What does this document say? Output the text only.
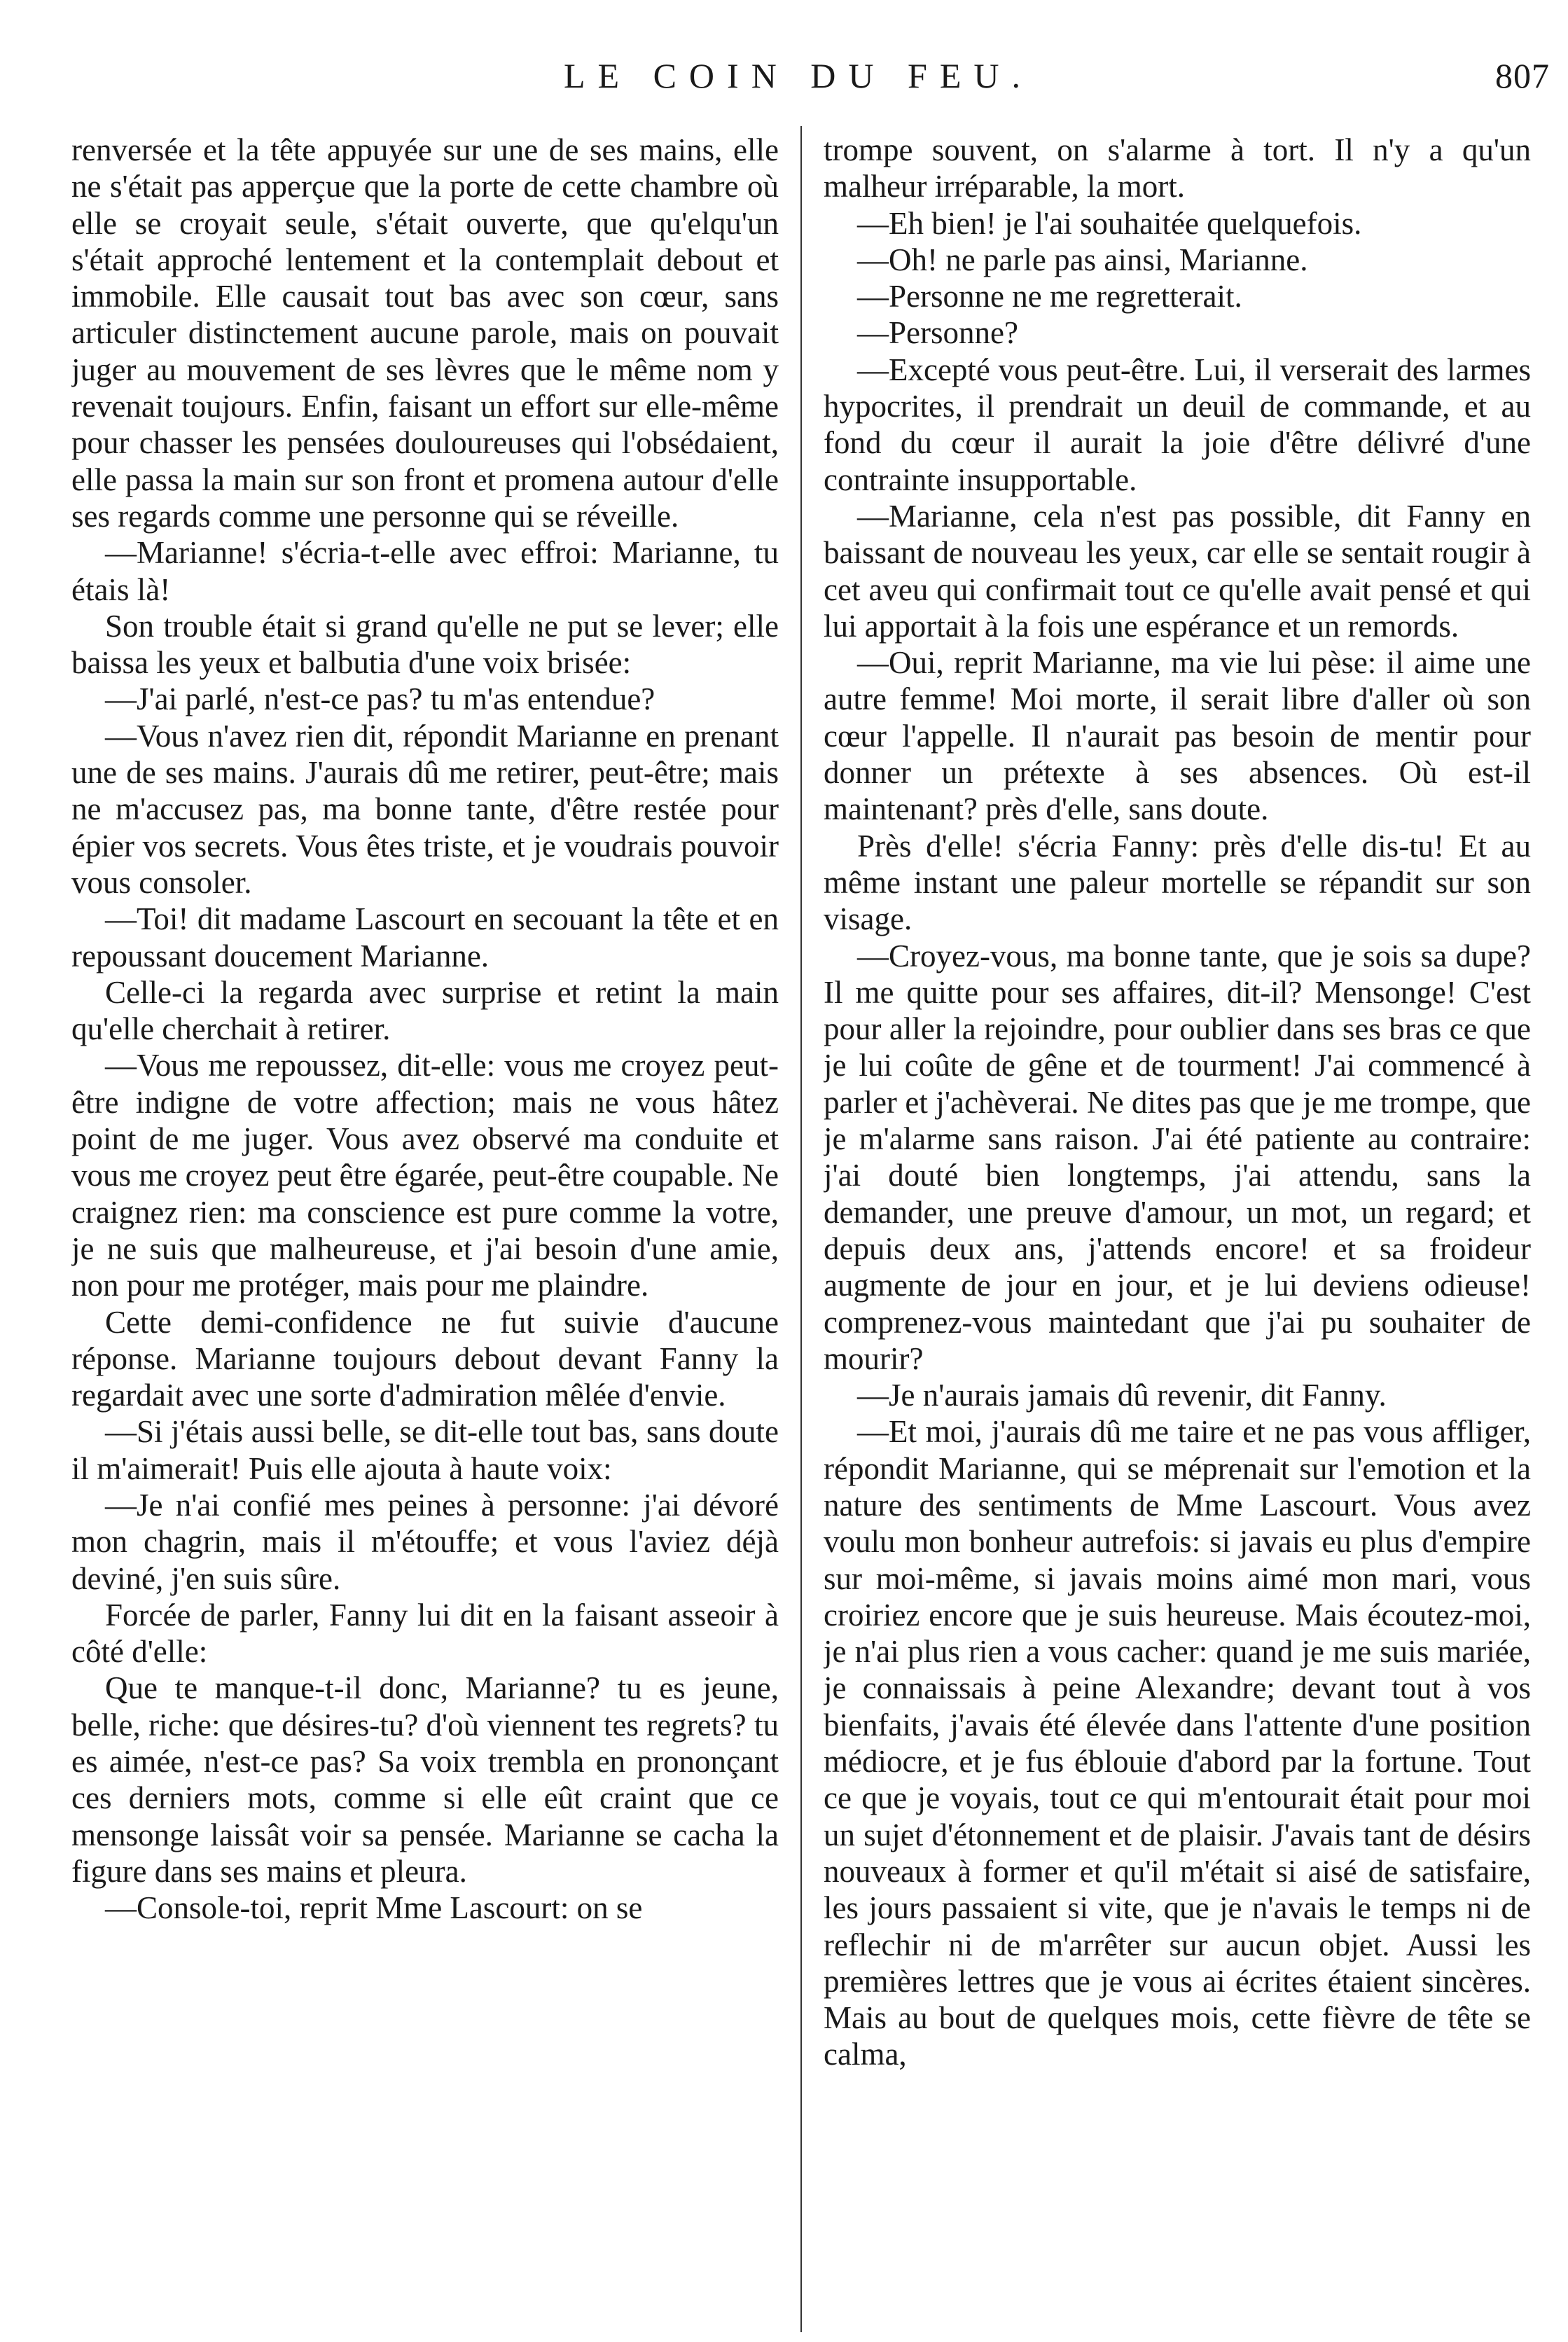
LE COIN DU FEU.	807

renversée et la tête appuyée sur une de ses mains, elle ne s'était pas apperçue que la porte de cette chambre où elle se croyait seule, s'était ouverte, que qu'elqu'un s'était approché lentement et la contemplait debout et immobile. Elle causait tout bas avec son cœur, sans articuler distinctement aucune parole, mais on pouvait juger au mouvement de ses lèvres que le même nom y revenait toujours. Enfin, faisant un effort sur elle-même pour chasser les pensées douloureuses qui l'obsédaient, elle passa la main sur son front et promena autour d'elle ses regards comme une personne qui se réveille.

—Marianne! s'écria-t-elle avec effroi: Marianne, tu étais là!

Son trouble était si grand qu'elle ne put se lever; elle baissa les yeux et balbutia d'une voix brisée:

—J'ai parlé, n'est-ce pas? tu m'as entendue?

—Vous n'avez rien dit, répondit Marianne en prenant une de ses mains. J'aurais dû me retirer, peut-être; mais ne m'accusez pas, ma bonne tante, d'être restée pour épier vos secrets. Vous êtes triste, et je voudrais pouvoir vous consoler.

—Toi! dit madame Lascourt en secouant la tête et en repoussant doucement Marianne.

Celle-ci la regarda avec surprise et retint la main qu'elle cherchait à retirer.

—Vous me repoussez, dit-elle: vous me croyez peut-être indigne de votre affection; mais ne vous hâtez point de me juger. Vous avez observé ma conduite et vous me croyez peut être égarée, peut-être coupable. Ne craignez rien: ma conscience est pure comme la votre, je ne suis que malheureuse, et j'ai besoin d'une amie, non pour me protéger, mais pour me plaindre.

Cette demi-confidence ne fut suivie d'aucune réponse. Marianne toujours debout devant Fanny la regardait avec une sorte d'admiration mêlée d'envie.

—Si j'étais aussi belle, se dit-elle tout bas, sans doute il m'aimerait! Puis elle ajouta à haute voix:

—Je n'ai confié mes peines à personne: j'ai dévoré mon chagrin, mais il m'étouffe; et vous l'aviez déjà deviné, j'en suis sûre.

Forcée de parler, Fanny lui dit en la faisant asseoir à côté d'elle:

Que te manque-t-il donc, Marianne? tu es jeune, belle, riche: que désires-tu? d'où viennent tes regrets? tu es aimée, n'est-ce pas? Sa voix trembla en prononçant ces derniers mots, comme si elle eût craint que ce mensonge laissât voir sa pensée. Marianne se cacha la figure dans ses mains et pleura.

—Console-toi, reprit Mme Lascourt: on se

trompe souvent, on s'alarme à tort. Il n'y a qu'un malheur irréparable, la mort.

—Eh bien! je l'ai souhaitée quelquefois.

—Oh! ne parle pas ainsi, Marianne.

—Personne ne me regretterait.

—Personne?

—Excepté vous peut-être. Lui, il verserait des larmes hypocrites, il prendrait un deuil de commande, et au fond du cœur il aurait la joie d'être délivré d'une contrainte insupportable.

—Marianne, cela n'est pas possible, dit Fanny en baissant de nouveau les yeux, car elle se sentait rougir à cet aveu qui confirmait tout ce qu'elle avait pensé et qui lui apportait à la fois une espérance et un remords.

—Oui, reprit Marianne, ma vie lui pèse: il aime une autre femme! Moi morte, il serait libre d'aller où son cœur l'appelle. Il n'aurait pas besoin de mentir pour donner un prétexte à ses absences. Où est-il maintenant? près d'elle, sans doute.

Près d'elle! s'écria Fanny: près d'elle dis-tu! Et au même instant une paleur mortelle se répandit sur son visage.

—Croyez-vous, ma bonne tante, que je sois sa dupe? Il me quitte pour ses affaires, dit-il? Mensonge! C'est pour aller la rejoindre, pour oublier dans ses bras ce que je lui coûte de gêne et de tourment! J'ai commencé à parler et j'achèverai. Ne dites pas que je me trompe, que je m'alarme sans raison. J'ai été patiente au contraire: j'ai douté bien longtemps, j'ai attendu, sans la demander, une preuve d'amour, un mot, un regard; et depuis deux ans, j'attends encore! et sa froideur augmente de jour en jour, et je lui deviens odieuse! comprenez-vous maintedant que j'ai pu souhaiter de mourir?

—Je n'aurais jamais dû revenir, dit Fanny.

—Et moi, j'aurais dû me taire et ne pas vous affliger, répondit Marianne, qui se méprenait sur l'emotion et la nature des sentiments de Mme Lascourt. Vous avez voulu mon bonheur autrefois: si javais eu plus d'empire sur moi-même, si javais moins aimé mon mari, vous croiriez encore que je suis heureuse. Mais écoutez-moi, je n'ai plus rien a vous cacher: quand je me suis mariée, je connaissais à peine Alexandre; devant tout à vos bienfaits, j'avais été élevée dans l'attente d'une position médiocre, et je fus éblouie d'abord par la fortune. Tout ce que je voyais, tout ce qui m'entourait était pour moi un sujet d'étonnement et de plaisir. J'avais tant de désirs nouveaux à former et qu'il m'était si aisé de satisfaire, les jours passaient si vite, que je n'avais le temps ni de reflechir ni de m'arrêter sur aucun objet. Aussi les premières lettres que je vous ai écrites étaient sincères. Mais au bout de quelques mois, cette fièvre de tête se calma,
